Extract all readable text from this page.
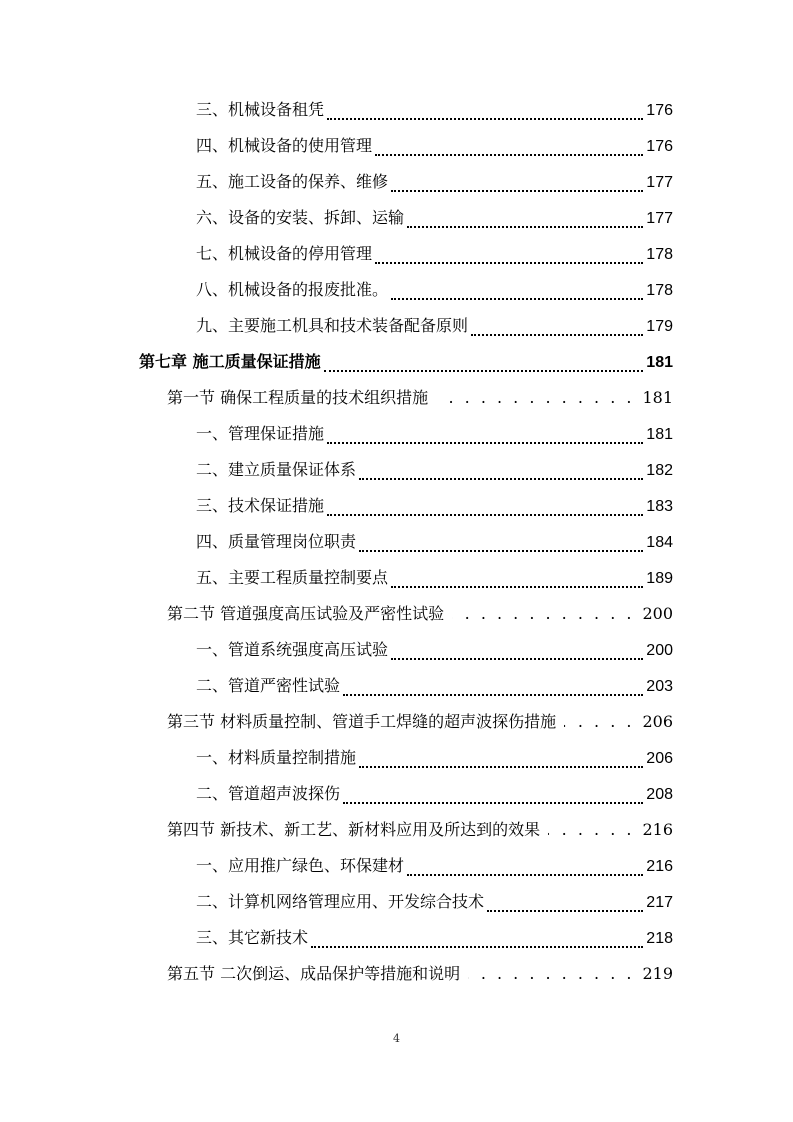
三、机械设备租凭	176
四、机械设备的使用管理	176
五、施工设备的保养、维修	177
六、设备的安装、拆卸、运输	177
七、机械设备的停用管理	178
八、机械设备的报废批准。	178
九、主要施工机具和技术装备配备原则	179
第七章 施工质量保证措施	181
第一节 确保工程质量的技术组织措施 . . .	181
一、管理保证措施	181
二、建立质量保证体系	182
三、技术保证措施	183
四、质量管理岗位职责	184
五、主要工程质量控制要点	189
第二节 管道强度高压试验及严密性试验 . . .	200
一、管道系统强度高压试验	200
二、管道严密性试验	203
第三节 材料质量控制、管道手工焊缝的超声波探伤措施 . . .	206
一、材料质量控制措施	206
二、管道超声波探伤	208
第四节 新技术、新工艺、新材料应用及所达到的效果 . . .	216
一、应用推广绿色、环保建材	216
二、计算机网络管理应用、开发综合技术	217
三、其它新技术	218
第五节 二次倒运、成品保护等措施和说明 . . .	219
4
